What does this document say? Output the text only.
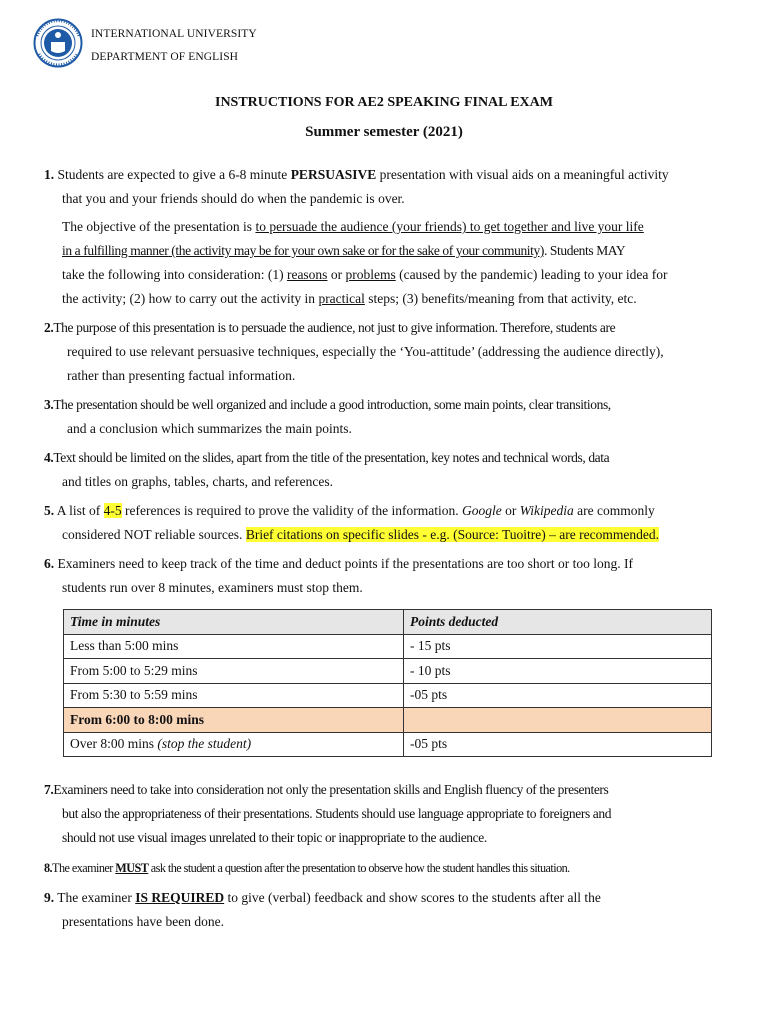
INTERNATIONAL UNIVERSITY
DEPARTMENT OF ENGLISH
INSTRUCTIONS FOR AE2 SPEAKING FINAL EXAM
Summer semester (2021)
1. Students are expected to give a 6-8 minute PERSUASIVE presentation with visual aids on a meaningful activity
that you and your friends should do when the pandemic is over.
The objective of the presentation is to persuade the audience (your friends) to get together and live your life
in a fulfilling manner (the activity may be for your own sake or for the sake of your community). Students MAY
take the following into consideration: (1) reasons or problems (caused by the pandemic) leading to your idea for
the activity; (2) how to carry out the activity in practical steps; (3) benefits/meaning from that activity, etc.
2.The purpose of this presentation is to persuade the audience, not just to give information. Therefore, students are
required to use relevant persuasive techniques, especially the ‘You-attitude’ (addressing the audience directly),
rather than presenting factual information.
3.The presentation should be well organized and include a good introduction, some main points, clear transitions,
and a conclusion which summarizes the main points.
4.Text should be limited on the slides, apart from the title of the presentation, key notes and technical words, data
and titles on graphs, tables, charts, and references.
5. A list of 4-5 references is required to prove the validity of the information. Google or Wikipedia are commonly
considered NOT reliable sources. Brief citations on specific slides - e.g. (Source: Tuoitre) – are recommended.
6. Examiners need to keep track of the time and deduct points if the presentations are too short or too long. If
students run over 8 minutes, examiners must stop them.
Time in minutes	Points deducted
Less than 5:00 mins	- 15 pts
From 5:00 to 5:29 mins	- 10 pts
From 5:30 to 5:59 mins	-05 pts
From 6:00 to 8:00 mins	
Over 8:00 mins (stop the student)	-05 pts
7.Examiners need to take into consideration not only the presentation skills and English fluency of the presenters
but also the appropriateness of their presentations. Students should use language appropriate to foreigners and
should not use visual images unrelated to their topic or inappropriate to the audience.
8.The examiner MUST ask the student a question after the presentation to observe how the student handles this situation.
9. The examiner IS REQUIRED to give (verbal) feedback and show scores to the students after all the
presentations have been done.
